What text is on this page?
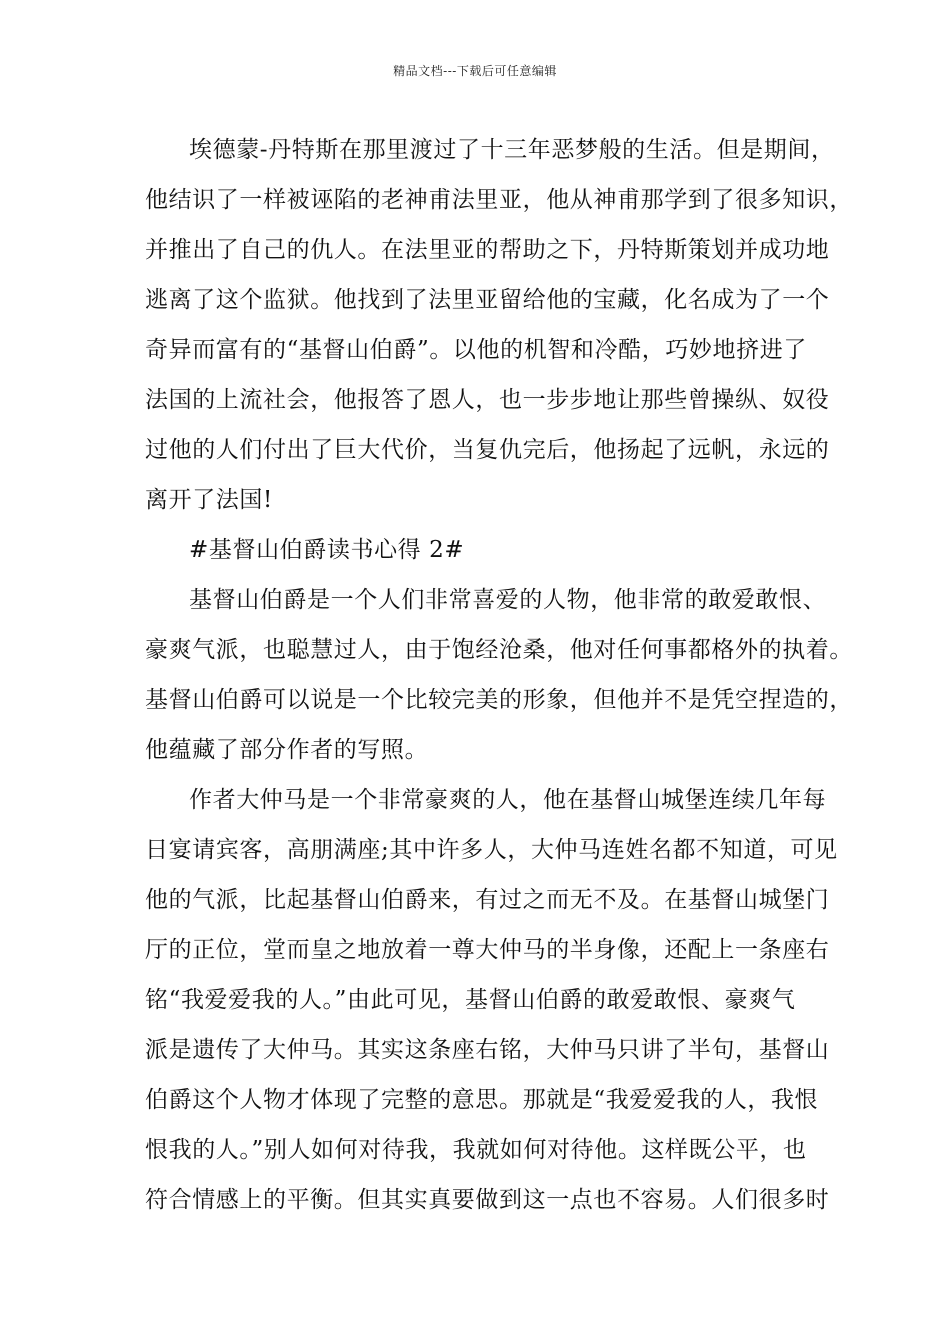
精品文档---下载后可任意编辑
埃德蒙-丹特斯在那里渡过了十三年恶梦般的生活。但是期间，
他结识了一样被诬陷的老神甫法里亚，他从神甫那学到了很多知识，
并推出了自己的仇人。在法里亚的帮助之下，丹特斯策划并成功地
逃离了这个监狱。他找到了法里亚留给他的宝藏，化名成为了一个
奇异而富有的“基督山伯爵”。以他的机智和冷酷，巧妙地挤进了
法国的上流社会，他报答了恩人，也一步步地让那些曾操纵、奴役
过他的人们付出了巨大代价，当复仇完后，他扬起了远帆，永远的
离开了法国!
#基督山伯爵读书心得 2#
基督山伯爵是一个人们非常喜爱的人物，他非常的敢爱敢恨、
豪爽气派，也聪慧过人，由于饱经沧桑，他对任何事都格外的执着。
基督山伯爵可以说是一个比较完美的形象，但他并不是凭空捏造的，
他蕴藏了部分作者的写照。
作者大仲马是一个非常豪爽的人，他在基督山城堡连续几年每
日宴请宾客，高朋满座;其中许多人，大仲马连姓名都不知道，可见
他的气派，比起基督山伯爵来，有过之而无不及。在基督山城堡门
厅的正位，堂而皇之地放着一尊大仲马的半身像，还配上一条座右
铭“我爱爱我的人。”由此可见，基督山伯爵的敢爱敢恨、豪爽气
派是遗传了大仲马。其实这条座右铭，大仲马只讲了半句，基督山
伯爵这个人物才体现了完整的意思。那就是“我爱爱我的人，我恨
恨我的人。”别人如何对待我，我就如何对待他。这样既公平，也
符合情感上的平衡。但其实真要做到这一点也不容易。人们很多时
